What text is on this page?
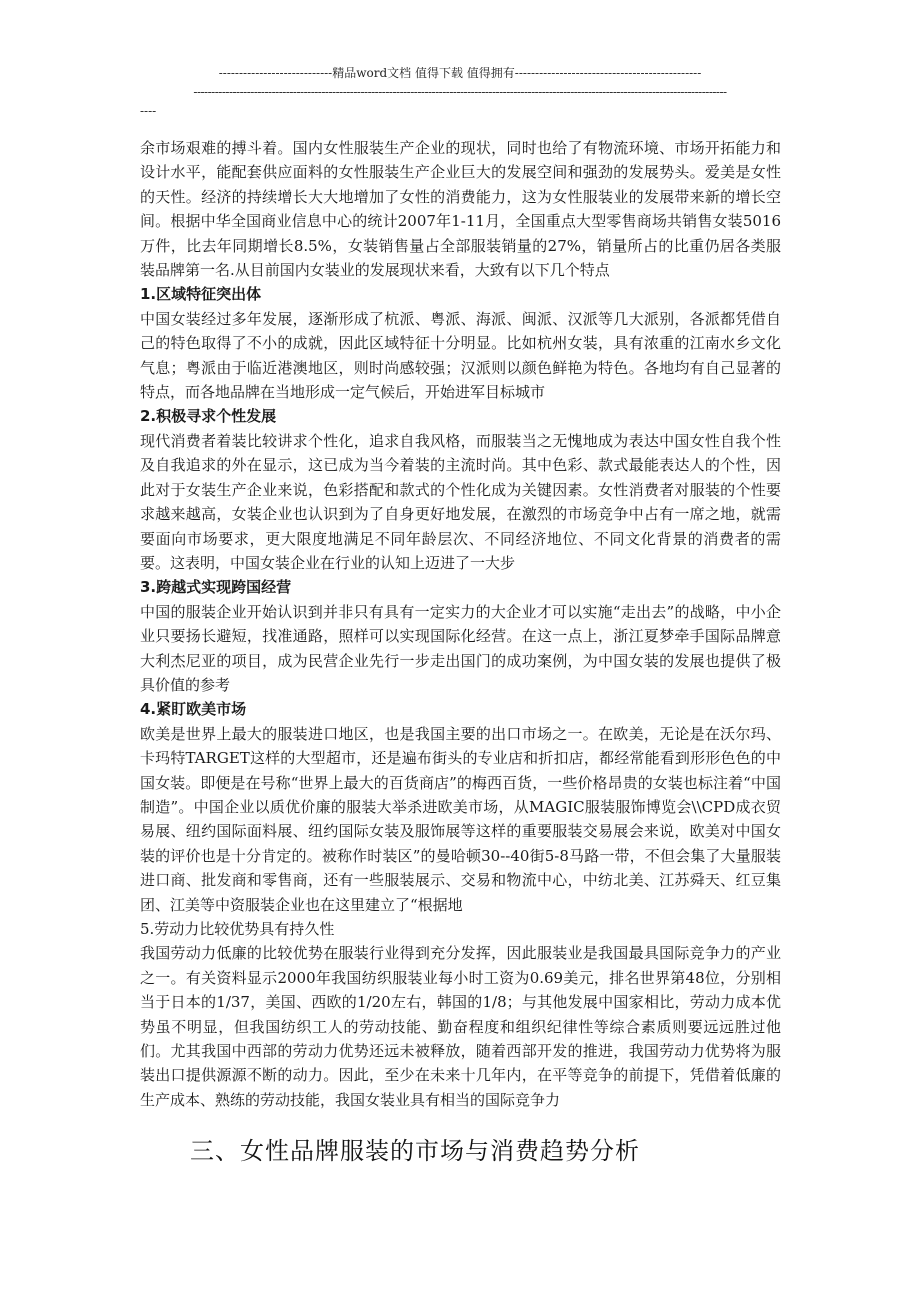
----------------------------精品word文档 值得下载 值得拥有----------------------------------------------
------------------------------------------------------------------------------------------------------------------------------------------------------
----

余市场艰难的搏斗着。国内女性服装生产企业的现状，同时也给了有物流环境、市场开拓能力和设计水平，能配套供应面料的女性服装生产企业巨大的发展空间和强劲的发展势头。爱美是女性的天性。经济的持续增长大大地增加了女性的消费能力，这为女性服装业的发展带来新的增长空间。根据中华全国商业信息中心的统计2007年1-11月，全国重点大型零售商场共销售女装5016万件，比去年同期增长8.5%，女装销售量占全部服装销量的27%，销量所占的比重仍居各类服装品牌第一名.从目前国内女装业的发展现状来看，大致有以下几个特点

1.区域特征突出体

中国女装经过多年发展，逐渐形成了杭派、粤派、海派、闽派、汉派等几大派别，各派都凭借自己的特色取得了不小的成就，因此区域特征十分明显。比如杭州女装，具有浓重的江南水乡文化气息；粤派由于临近港澳地区，则时尚感较强；汉派则以颜色鲜艳为特色。各地均有自己显著的特点，而各地品牌在当地形成一定气候后，开始进军目标城市

2.积极寻求个性发展

现代消费者着装比较讲求个性化，追求自我风格，而服装当之无愧地成为表达中国女性自我个性及自我追求的外在显示，这已成为当今着装的主流时尚。其中色彩、款式最能表达人的个性，因此对于女装生产企业来说，色彩搭配和款式的个性化成为关键因素。女性消费者对服装的个性要求越来越高，女装企业也认识到为了自身更好地发展，在激烈的市场竞争中占有一席之地，就需要面向市场要求，更大限度地满足不同年龄层次、不同经济地位、不同文化背景的消费者的需要。这表明，中国女装企业在行业的认知上迈进了一大步

3.跨越式实现跨国经营

中国的服装企业开始认识到并非只有具有一定实力的大企业才可以实施“走出去”的战略，中小企业只要扬长避短，找准通路，照样可以实现国际化经营。在这一点上，浙江夏梦牵手国际品牌意大利杰尼亚的项目，成为民营企业先行一步走出国门的成功案例，为中国女装的发展也提供了极具价值的参考

4.紧盯欧美市场

欧美是世界上最大的服装进口地区，也是我国主要的出口市场之一。在欧美，无论是在沃尔玛、卡玛特TARGET这样的大型超市，还是遍布街头的专业店和折扣店，都经常能看到形形色色的中国女装。即便是在号称“世界上最大的百货商店”的梅西百货，一些价格昂贵的女装也标注着“中国制造”。中国企业以质优价廉的服装大举杀进欧美市场，从MAGIC服装服饰博览会\\CPD成衣贸易展、纽约国际面料展、纽约国际女装及服饰展等这样的重要服装交易展会来说，欧美对中国女装的评价也是十分肯定的。被称作时装区”的曼哈顿30--40街5-8马路一带，不但会集了大量服装进口商、批发商和零售商，还有一些服装展示、交易和物流中心，中纺北美、江苏舜天、红豆集团、江美等中资服装企业也在这里建立了“根据地

5.劳动力比较优势具有持久性

我国劳动力低廉的比较优势在服装行业得到充分发挥，因此服装业是我国最具国际竞争力的产业之一。有关资料显示2000年我国纺织服装业每小时工资为0.69美元，排名世界第48位，分别相当于日本的1/37，美国、西欧的1/20左右，韩国的1/8；与其他发展中国家相比，劳动力成本优势虽不明显，但我国纺织工人的劳动技能、勤奋程度和组织纪律性等综合素质则要远远胜过他们。尤其我国中西部的劳动力优势还远未被释放，随着西部开发的推进，我国劳动力优势将为服装出口提供源源不断的动力。因此，至少在未来十几年内，在平等竞争的前提下，凭借着低廉的生产成本、熟练的劳动技能，我国女装业具有相当的国际竞争力

三、女性品牌服装的市场与消费趋势分析
